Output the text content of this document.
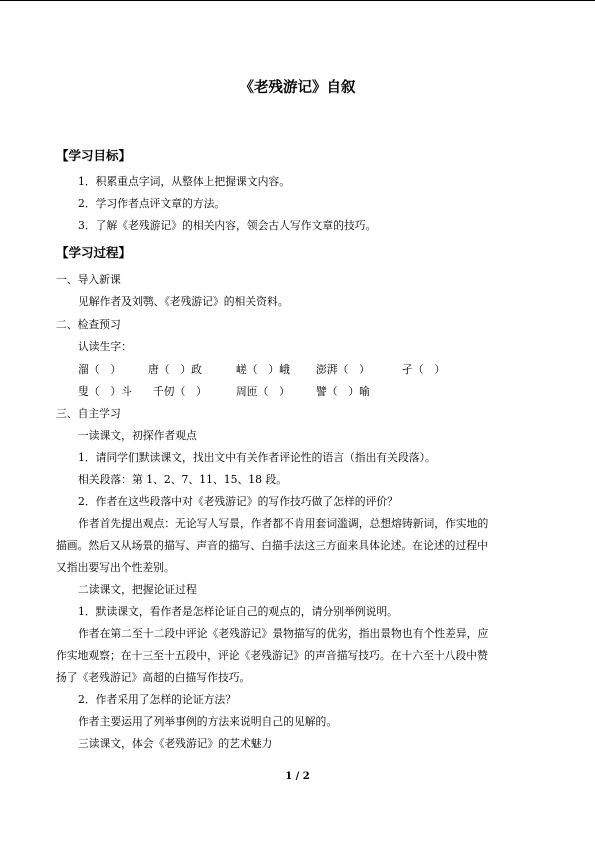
《老残游记》自叙
【学习目标】
1．积累重点字词，从整体上把握课文内容。
2．学习作者点评文章的方法。
3．了解《老残游记》的相关内容，领会古人写作文章的技巧。
【学习过程】
一、导入新课
见解作者及刘鹗、《老残游记》的相关资料。
二、检查预习
认读生字：
溜（　） 唐（　）政	嵯（　）峨 澎湃（　）	孑（　）
叟（　）斗 千仞（　）	周匝（　） 譬（　）喻
三、自主学习
一读课文，初探作者观点
1．请同学们默读课文，找出文中有关作者评论性的语言（指出有关段落）。
相关段落：第 1、2、7、11、15、18 段。
2．作者在这些段落中对《老残游记》的写作技巧做了怎样的评价？
作者首先提出观点：无论写人写景，作者都不肯用套词滥调，总想熔铸新词，作实地的
描画。然后又从场景的描写、声音的描写、白描手法这三方面来具体论述。在论述的过程中
又指出要写出个性差别。
二读课文，把握论证过程
1．默读课文，看作者是怎样论证自己的观点的，请分别举例说明。
作者在第二至十二段中评论《老残游记》景物描写的优劣，指出景物也有个性差异，应
作实地观察；在十三至十五段中，评论《老残游记》的声音描写技巧。在十六至十八段中赞
扬了《老残游记》高超的白描写作技巧。
2．作者采用了怎样的论证方法？
作者主要运用了列举事例的方法来说明自己的见解的。
三读课文，体会《老残游记》的艺术魅力
1 / 2
